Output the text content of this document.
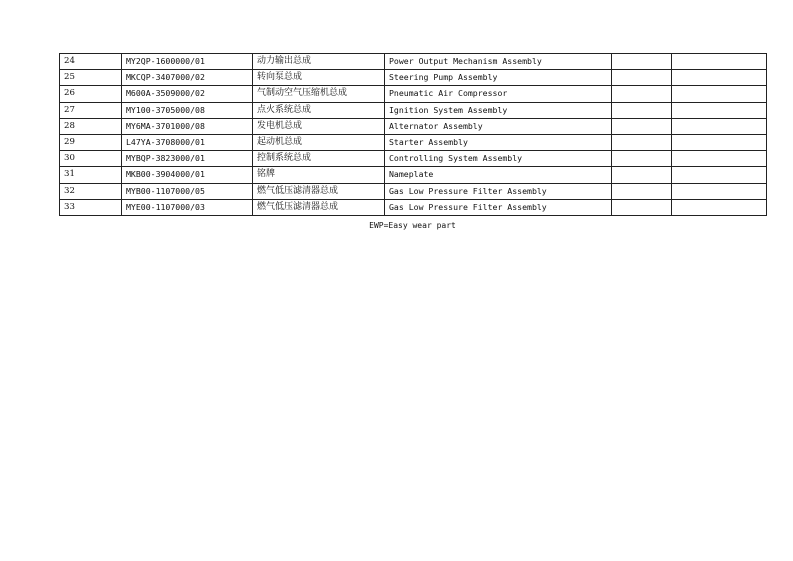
24	MY2QP-1600000/01	动力输出总成	Power Output Mechanism Assembly		
25	MKCQP-3407000/02	转向泵总成	Steering Pump Assembly		
26	M600A-3509000/02	气制动空气压缩机总成	Pneumatic Air Compressor		
27	MY100-3705000/08	点火系统总成	Ignition System Assembly		
28	MY6MA-3701000/08	发电机总成	Alternator Assembly		
29	L47YA-3708000/01	起动机总成	Starter Assembly		
30	MYBQP-3823000/01	控制系统总成	Controlling System Assembly		
31	MKB00-3904000/01	铭牌	Nameplate		
32	MYB00-1107000/05	燃气低压滤清器总成	Gas Low Pressure Filter Assembly		
33	MYE00-1107000/03	燃气低压滤清器总成	Gas Low Pressure Filter Assembly		
EWP=Easy wear part
